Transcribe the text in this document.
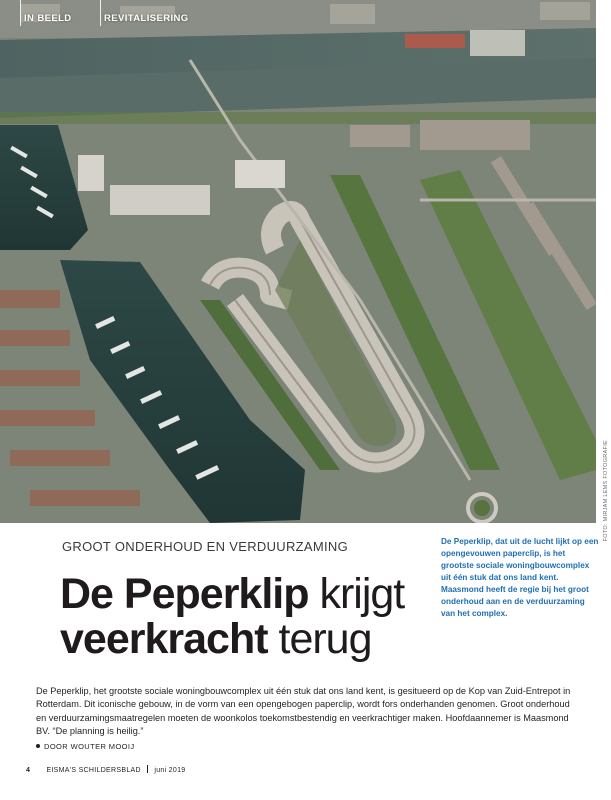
IN BEELD	REVITALISERING
FOTO: MIRJAM LEMS FOTOGRAFIE
GROOT ONDERHOUD EN VERDUURZAMING
De Peperklip krijgt
veerkracht terug
De Peperklip, dat uit de lucht lijkt op een opengevouwen paperclip, is het grootste sociale woningbouwcomplex uit één stuk dat ons land kent. Maasmond heeft de regie bij het groot onderhoud aan en de verduurzaming van het complex.
De Peperklip, het grootste sociale woningbouwcomplex uit één stuk dat ons land kent, is gesitueerd op de Kop van Zuid-Entrepot in Rotterdam. Dit iconische gebouw, in de vorm van een opengebogen paperclip, wordt fors onderhanden genomen. Groot onderhoud en verduurzamingsmaatregelen moeten de woonkolos toekomstbestendig en veerkrachtiger maken. Hoofdaannemer is Maasmond BV. “De planning is heilig.”
DOOR WOUTER MOOIJ
4 EISMA'S SCHILDERSBLAD juni 2019
